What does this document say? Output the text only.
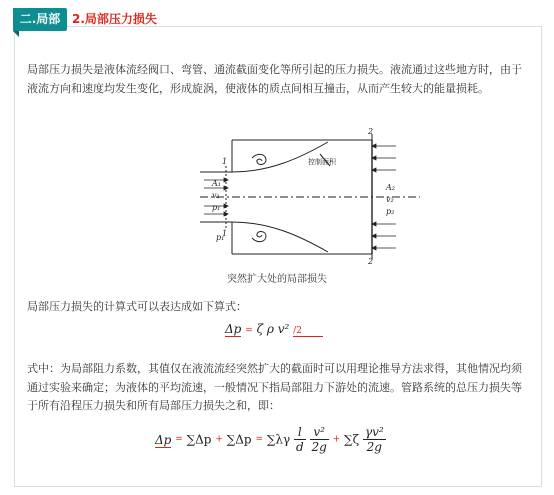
二.局部 2.局部压力损失
局部压力损失是液体流经阀口、弯管、通流截面变化等所引起的压力损失。液流通过这些地方时，由于液流方向和速度均发生变化，形成旋涡，使液体的质点间相互撞击，从而产生较大的能量损耗。
1
1
2
2
控制面积
A₁
v₁
p₁
A₂
v₂
p₂
p₁
突然扩大处的局部损失
局部压力损失的计算式可以表达成如下算式：
Δp = ζ ρ v² /2
式中：为局部阻力系数，其值仅在液流流经突然扩大的截面时可以用理论推导方法求得，其他情况均须通过实验来确定；为液体的平均流速，一般情况下指局部阻力下游处的流速。管路系统的总压力损失等于所有沿程压力损失和所有局部压力损失之和，即：
$\Delta p = \sum\Delta p + \sum\Delta p = \sum\lambda\gamma \frac{l}{d}$
$\frac{\text{v²}}{2g} + \sum\zeta \frac{\text{γv²}}{2g}$
